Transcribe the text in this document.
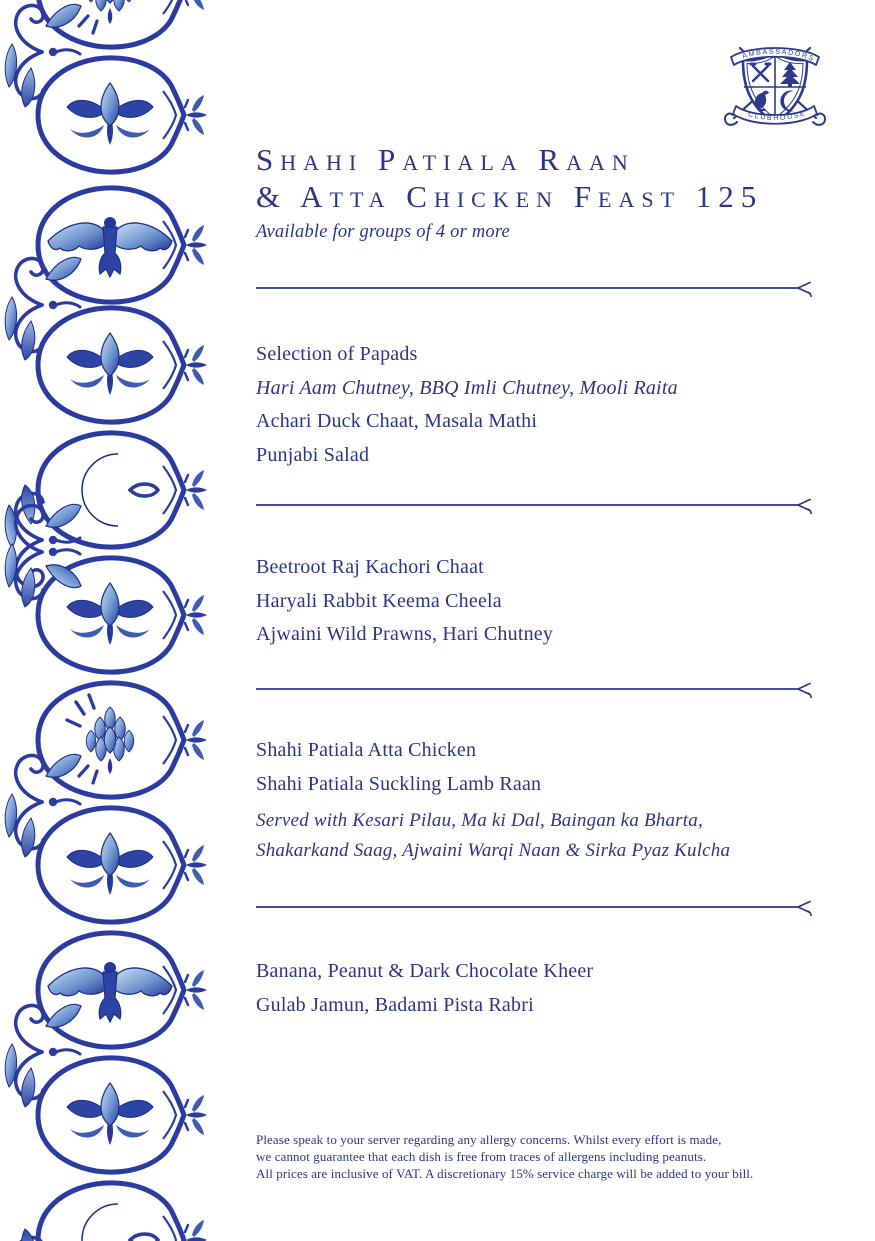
AMBASSADORS
CLUBHOUSE
Shahi Patiala Raan
& Atta Chicken Feast 125
Available for groups of 4 or more
Selection of Papads
Hari Aam Chutney, BBQ Imli Chutney, Mooli Raita
Achari Duck Chaat, Masala Mathi
Punjabi Salad
Beetroot Raj Kachori Chaat
Haryali Rabbit Keema Cheela
Ajwaini Wild Prawns, Hari Chutney
Shahi Patiala Atta Chicken
Shahi Patiala Suckling Lamb Raan
Served with Kesari Pilau, Ma ki Dal, Baingan ka Bharta,
Shakarkand Saag, Ajwaini Warqi Naan & Sirka Pyaz Kulcha
Banana, Peanut & Dark Chocolate Kheer
Gulab Jamun, Badami Pista Rabri
Please speak to your server regarding any allergy concerns. Whilst every effort is made,
we cannot guarantee that each dish is free from traces of allergens including peanuts.
All prices are inclusive of VAT. A discretionary 15% service charge will be added to your bill.
